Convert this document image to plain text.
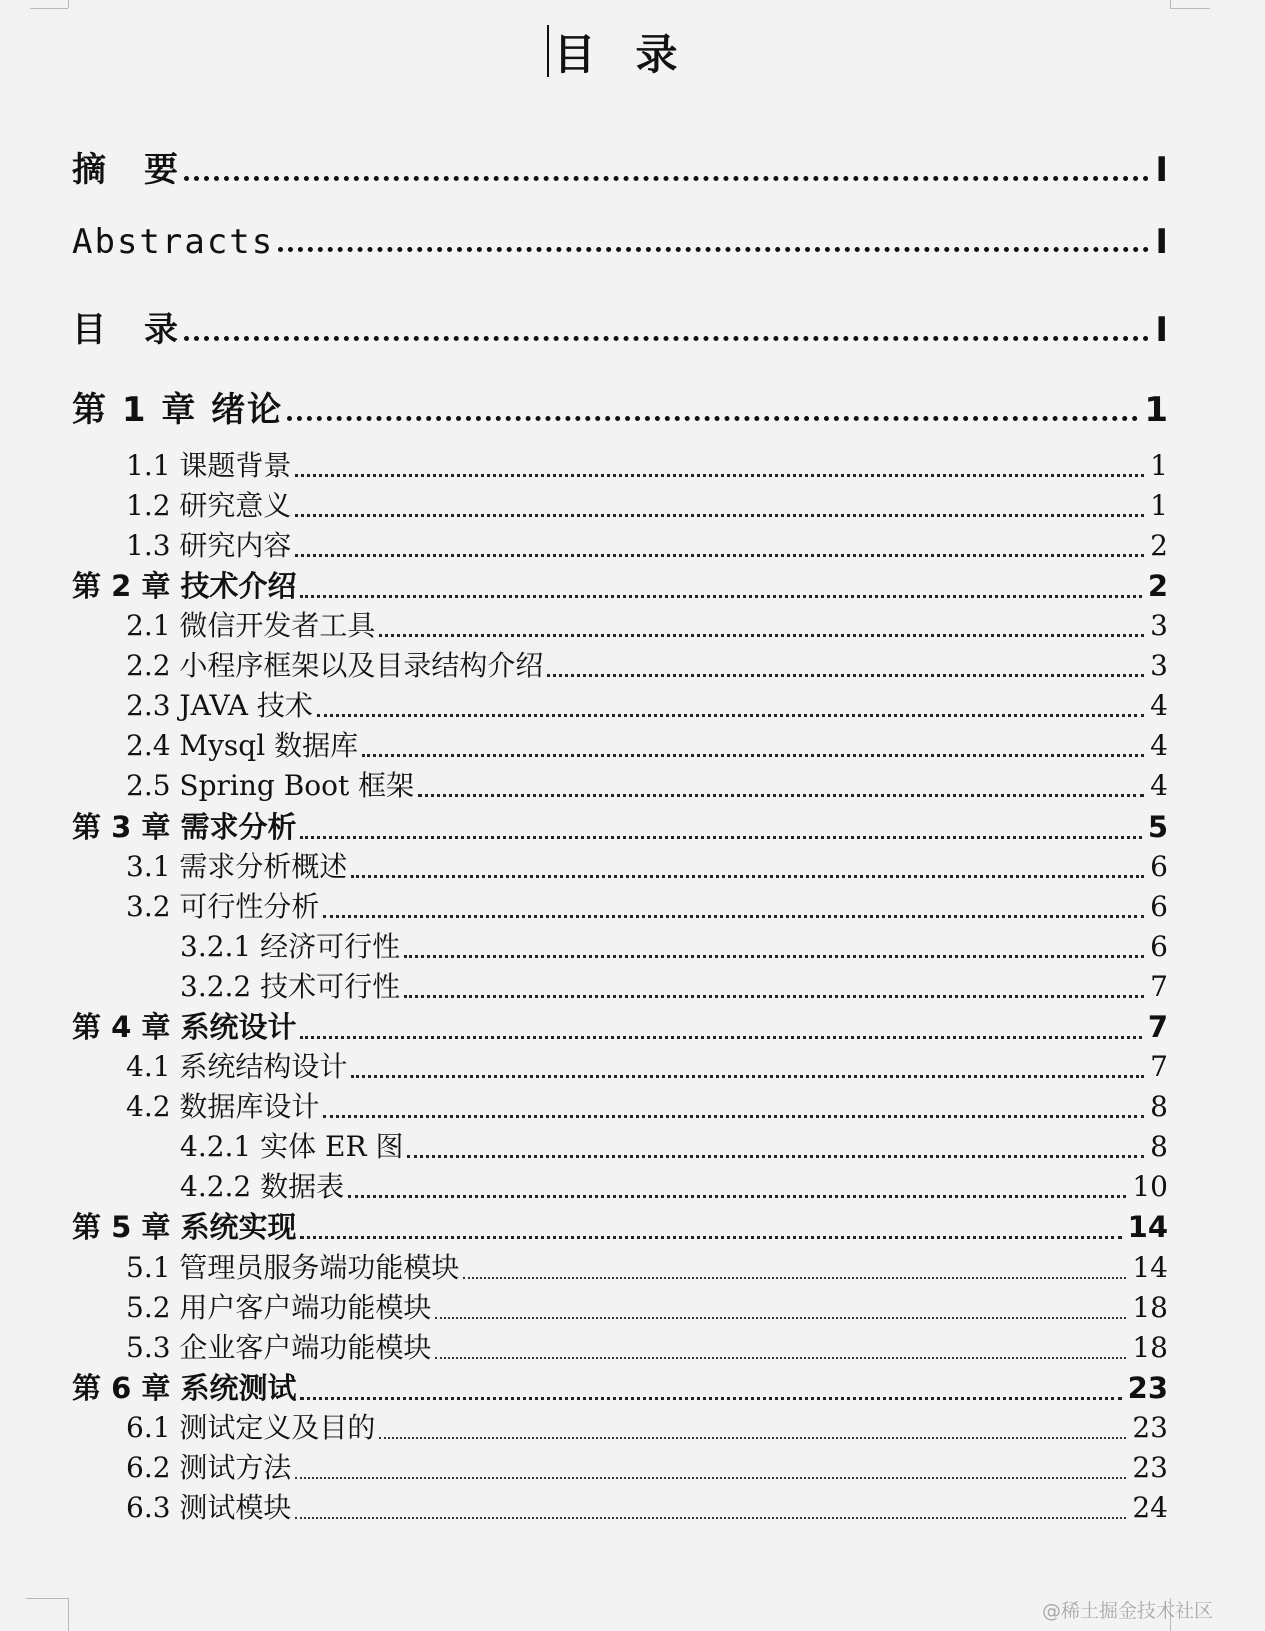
目录
摘　要	I
Abstracts	I
目　录	I
第 1 章 绪论	1
1.1 课题背景	1
1.2 研究意义	1
1.3 研究内容	2
第 2 章 技术介绍	2
2.1 微信开发者工具	3
2.2 小程序框架以及目录结构介绍	3
2.3 JAVA 技术	4
2.4 Mysql 数据库	4
2.5 Spring Boot 框架	4
第 3 章 需求分析	5
3.1 需求分析概述	6
3.2 可行性分析	6
3.2.1 经济可行性	6
3.2.2 技术可行性	7
第 4 章 系统设计	7
4.1 系统结构设计	7
4.2 数据库设计	8
4.2.1 实体 ER 图	8
4.2.2 数据表	10
第 5 章 系统实现	14
5.1 管理员服务端功能模块	14
5.2 用户客户端功能模块	18
5.3 企业客户端功能模块	18
第 6 章 系统测试	23
6.1 测试定义及目的	23
6.2 测试方法	23
6.3 测试模块	24
@稀土掘金技术社区
